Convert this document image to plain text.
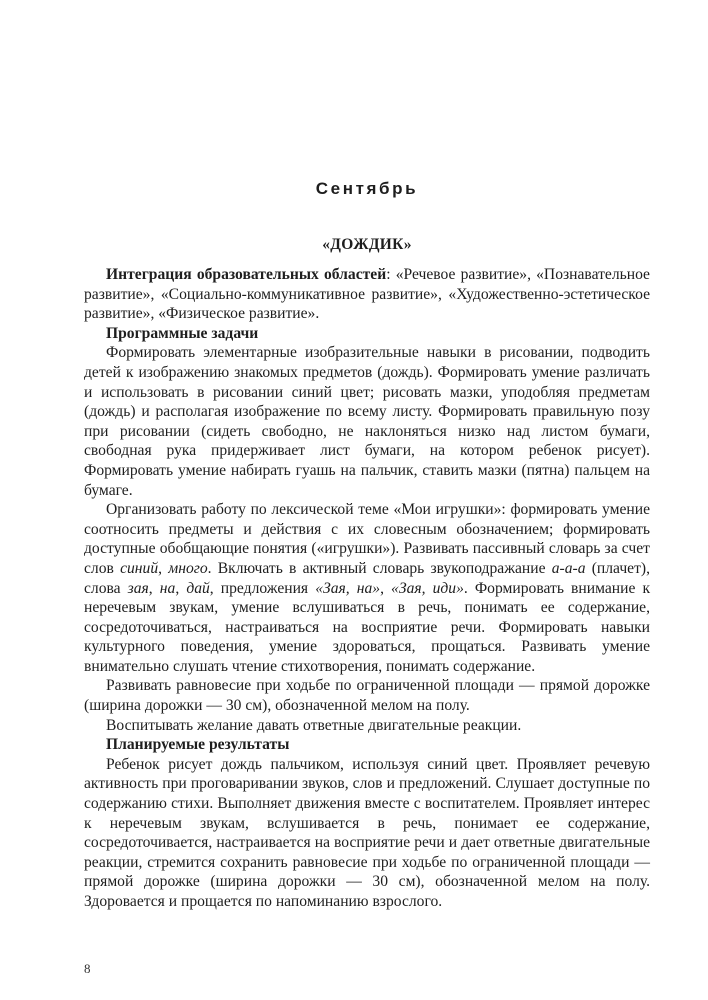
Сентябрь
«ДОЖДИК»

Интеграция образовательных областей: «Речевое развитие», «Познавательное развитие», «Социально-коммуникативное развитие», «Художественно-эстетическое развитие», «Физическое развитие».

Программные задачи

Формировать элементарные изобразительные навыки в рисовании, подводить детей к изображению знакомых предметов (дождь). Формировать умение различать и использовать в рисовании синий цвет; рисовать мазки, уподобляя предметам (дождь) и располагая изображение по всему листу. Формировать правильную позу при рисовании (сидеть свободно, не наклоняться низко над листом бумаги, свободная рука придерживает лист бумаги, на котором ребенок рисует). Формировать умение набирать гуашь на пальчик, ставить мазки (пятна) пальцем на бумаге.

Организовать работу по лексической теме «Мои игрушки»: формировать умение соотносить предметы и действия с их словесным обозначением; формировать доступные обобщающие понятия («игрушки»). Развивать пассивный словарь за счет слов синий, много. Включать в активный словарь звукоподражание а-а-а (плачет), слова зая, на, дай, предложения «Зая, на», «Зая, иди». Формировать внимание к неречевым звукам, умение вслушиваться в речь, понимать ее содержание, сосредоточиваться, настраиваться на восприятие речи. Формировать навыки культурного поведения, умение здороваться, прощаться. Развивать умение внимательно слушать чтение стихотворения, понимать содержание.

Развивать равновесие при ходьбе по ограниченной площади — прямой дорожке (ширина дорожки — 30 см), обозначенной мелом на полу.

Воспитывать желание давать ответные двигательные реакции.

Планируемые результаты

Ребенок рисует дождь пальчиком, используя синий цвет. Проявляет речевую активность при проговаривании звуков, слов и предложений. Слушает доступные по содержанию стихи. Выполняет движения вместе с воспитателем. Проявляет интерес к неречевым звукам, вслушивается в речь, понимает ее содержание, сосредоточивается, настраивается на восприятие речи и дает ответные двигательные реакции, стремится сохранить равновесие при ходьбе по ограниченной площади — прямой дорожке (ширина дорожки — 30 см), обозначенной мелом на полу. Здоровается и прощается по напоминанию взрослого.

8
